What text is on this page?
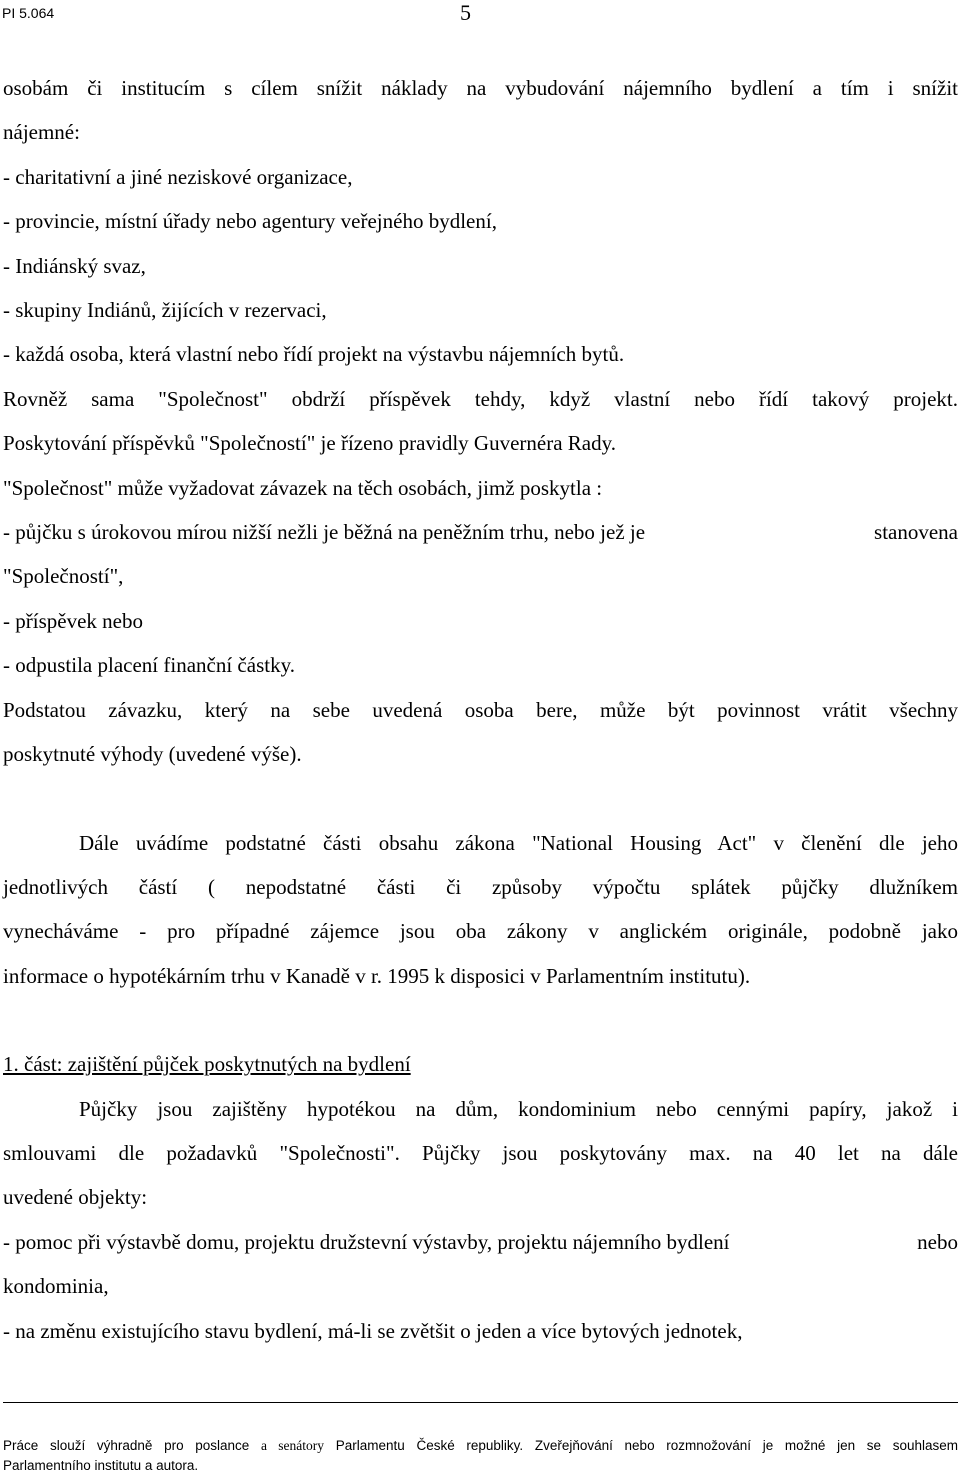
PI 5.064	5

osobám či institucím s cílem snížit náklady na vybudování nájemního bydlení a tím i snížit

nájemné:

- charitativní a jiné neziskové organizace,

- provincie, místní úřady nebo agentury veřejného bydlení,

- Indiánský svaz,

- skupiny Indiánů, žijících v rezervaci,

- každá osoba, která vlastní nebo řídí projekt na výstavbu nájemních bytů.

Rovněž sama "Společnost" obdrží příspěvek tehdy, když vlastní nebo řídí takový projekt.

Poskytování příspěvků "Společností" je řízeno pravidly Guvernéra Rady.

"Společnost" může vyžadovat závazek na těch osobách, jimž poskytla :

- půjčku s úrokovou mírou nižší nežli je běžná na peněžním trhu, nebo jež je	stanovena

"Společností",

- příspěvek nebo

- odpustila placení finanční částky.

Podstatou závazku, který na sebe uvedená osoba bere, může být povinnost vrátit všechny

poskytnuté výhody (uvedené výše).

Dále uvádíme podstatné části obsahu zákona "National Housing Act" v členění dle jeho

jednotlivých částí ( nepodstatné části či způsoby výpočtu splátek půjčky dlužníkem

vynecháváme - pro případné zájemce jsou oba zákony v anglickém originále, podobně jako

informace o hypotékárním trhu v Kanadě v r. 1995 k disposici v Parlamentním institutu).

1. část: zajištění půjček poskytnutých na bydlení

Půjčky jsou zajištěny hypotékou na dům, kondominium nebo cennými papíry, jakož i

smlouvami dle požadavků "Společnosti". Půjčky jsou poskytovány max. na 40 let na dále

uvedené objekty:

- pomoc při výstavbě domu, projektu družstevní výstavby, projektu nájemního bydlení	nebo

kondominia,

- na změnu existujícího stavu bydlení, má-li se zvětšit o jeden a více bytových jednotek,

Práce slouží výhradně pro poslance a senátory Parlamentu České republiky. Zveřejňování nebo rozmnožování je možné jen se souhlasem

Parlamentního institutu a autora.
